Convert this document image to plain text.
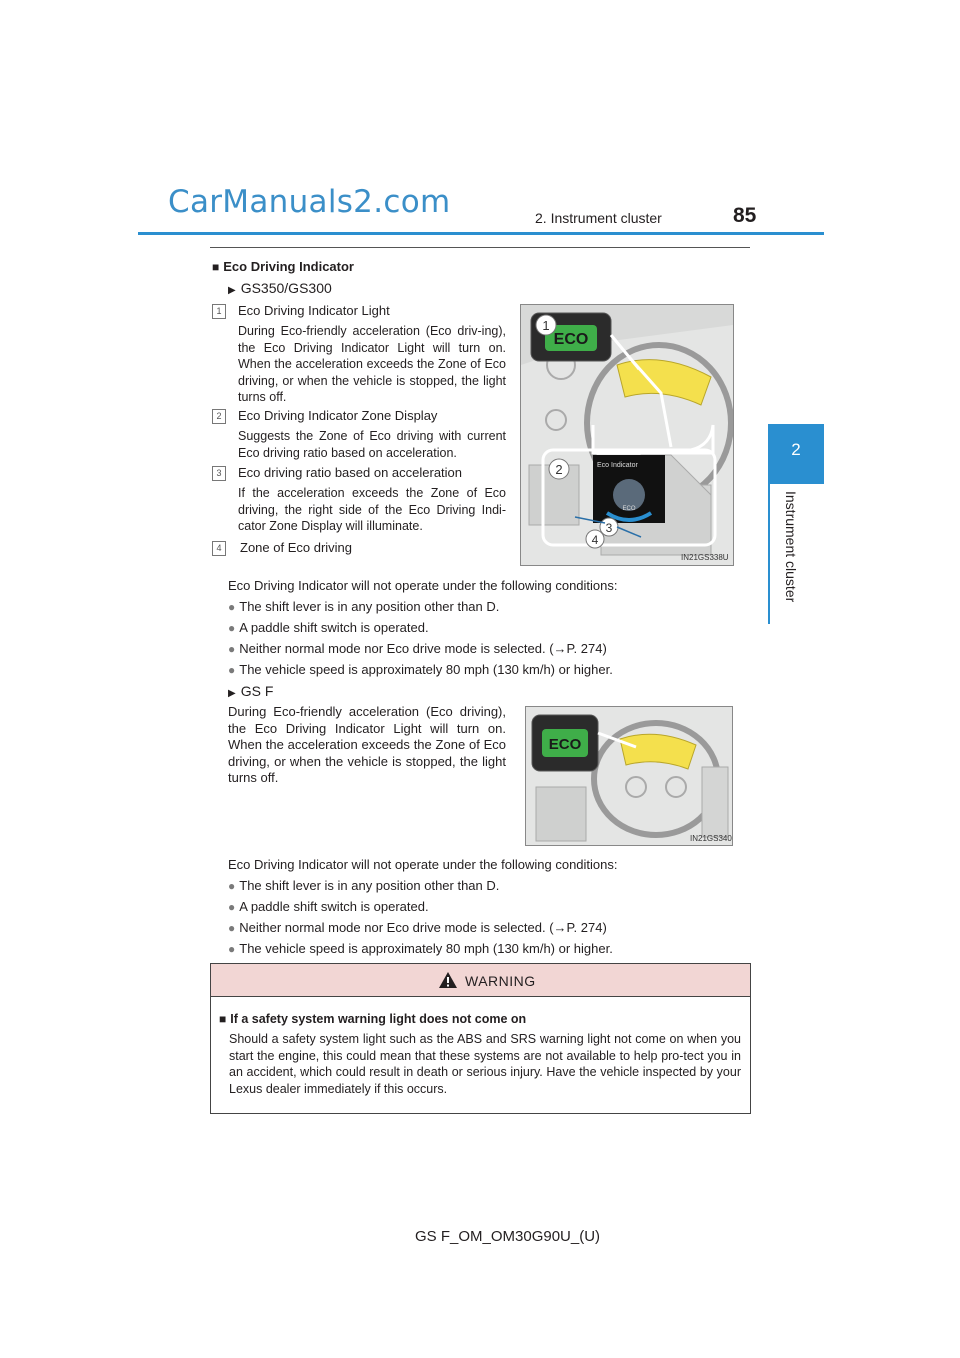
CarManuals2.com	2. Instrument cluster	85
2
Instrument cluster
■ Eco Driving Indicator
▶ GS350/GS300
1	Eco Driving Indicator Light
During Eco-friendly acceleration (Eco driv-ing), the Eco Driving Indicator Light will turn on. When the acceleration exceeds the Zone of Eco driving, or when the vehicle is stopped, the light turns off.
2	Eco Driving Indicator Zone Display
Suggests the Zone of Eco driving with current Eco driving ratio based on acceleration.
3	Eco driving ratio based on acceleration
If the acceleration exceeds the Zone of Eco driving, the right side of the Eco Driving Indi-cator Zone Display will illuminate.
4	Zone of Eco driving
ECO
Eco Indicator
ECO
1
2
3
4
IN21GS338U
Eco Driving Indicator will not operate under the following conditions:
● The shift lever is in any position other than D.
● A paddle shift switch is operated.
● Neither normal mode nor Eco drive mode is selected. (→P. 274)
● The vehicle speed is approximately 80 mph (130 km/h) or higher.
▶ GS F
During Eco-friendly acceleration (Eco driving), the Eco Driving Indicator Light will turn on. When the acceleration exceeds the Zone of Eco driving, or when the vehicle is stopped, the light turns off.
ECO
IN21GS340
Eco Driving Indicator will not operate under the following conditions:
● The shift lever is in any position other than D.
● A paddle shift switch is operated.
● Neither normal mode nor Eco drive mode is selected. (→P. 274)
● The vehicle speed is approximately 80 mph (130 km/h) or higher.
WARNING
■ If a safety system warning light does not come on
Should a safety system light such as the ABS and SRS warning light not come on when you start the engine, this could mean that these systems are not available to help pro-tect you in an accident, which could result in death or serious injury. Have the vehicle inspected by your Lexus dealer immediately if this occurs.
GS F_OM_OM30G90U_(U)
